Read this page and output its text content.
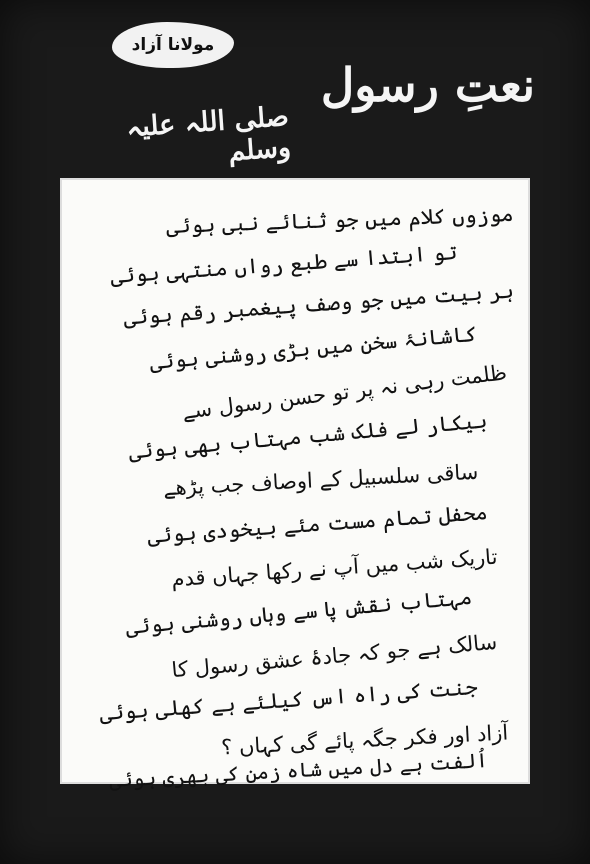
مولانا آزاد
نعتِ رسول
صلی اللہ علیہ وسلم
موزوں کلام میں جو ثنائے نبی ہوئی
تو ابتدا سے طبع رواں منتہی ہوئی
ہر بیت میں جو وصف پیغمبر رقم ہوئی
کاشانۂ سخن میں بڑی روشنی ہوئی
ظلمت رہی نہ پر تو حسن رسول سے
بیکار لے فلک شب مہتاب بھی ہوئی
ساقی سلسبیل کے اوصاف جب پڑھے
محفل تمام مست مئے بیخودی ہوئی
تاریک شب میں آپ نے رکھا جہاں قدم
مہتاب نقش پا سے وہاں روشنی ہوئی
سالک ہے جو کہ جادۂ عشق رسول کا
جنت کی راہ اس کیلئے ہے کھلی ہوئی
آزاد اور فکر جگہ پائے گی کہاں ؟
اُلفت ہے دل میں شاہ زمن کی بھری ہوئی
